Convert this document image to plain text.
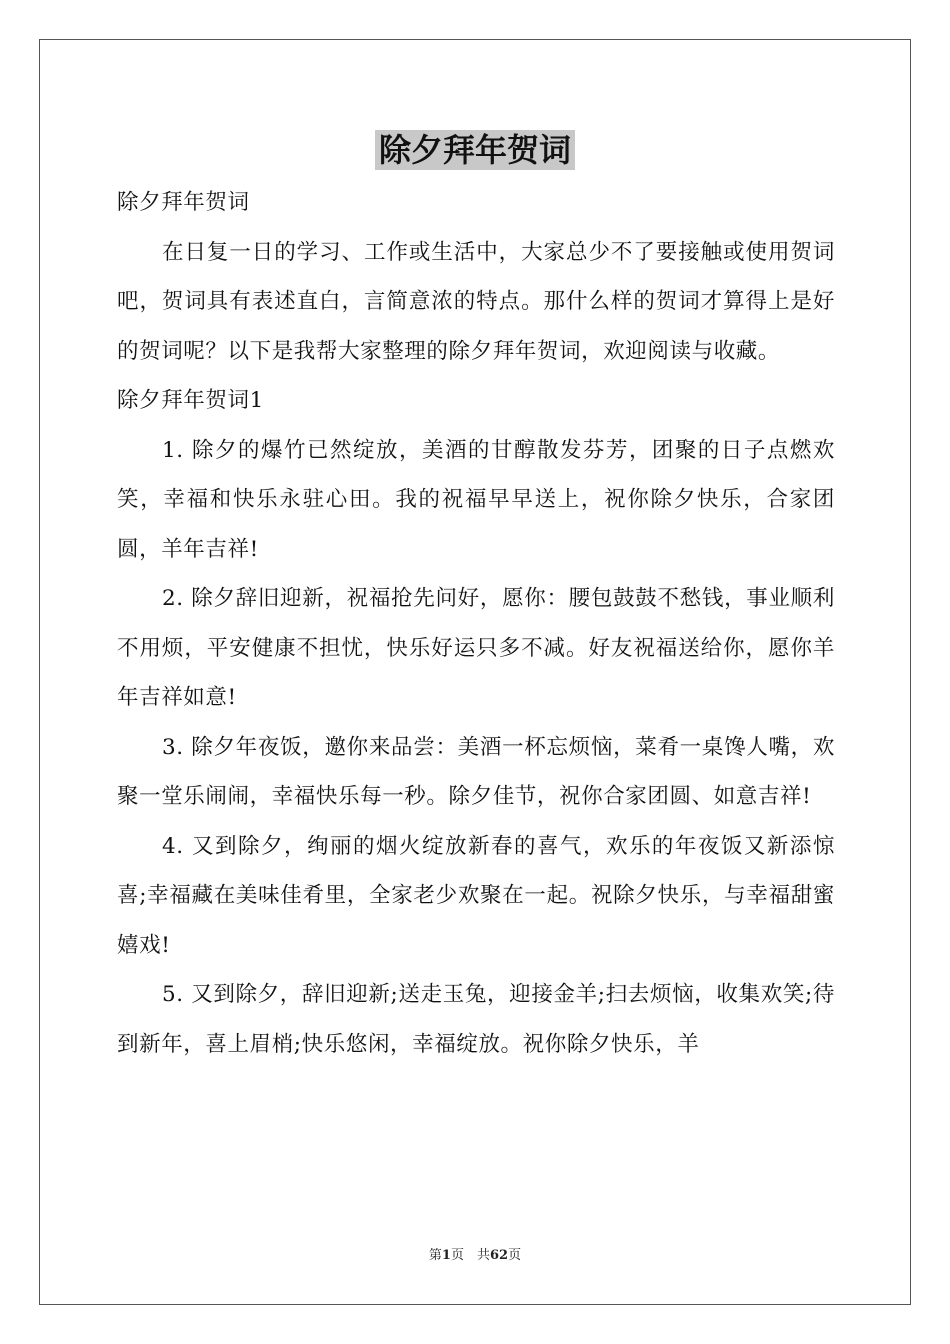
除夕拜年贺词

除夕拜年贺词

在日复一日的学习、工作或生活中，大家总少不了要接触或使用贺词吧，贺词具有表述直白，言简意浓的特点。那什么样的贺词才算得上是好的贺词呢？以下是我帮大家整理的除夕拜年贺词，欢迎阅读与收藏。

除夕拜年贺词1

1. 除夕的爆竹已然绽放，美酒的甘醇散发芬芳，团聚的日子点燃欢笑，幸福和快乐永驻心田。我的祝福早早送上，祝你除夕快乐，合家团圆，羊年吉祥!

2. 除夕辞旧迎新，祝福抢先问好，愿你：腰包鼓鼓不愁钱，事业顺利不用烦，平安健康不担忧，快乐好运只多不减。好友祝福送给你，愿你羊年吉祥如意!

3. 除夕年夜饭，邀你来品尝：美酒一杯忘烦恼，菜肴一桌馋人嘴，欢聚一堂乐闹闹，幸福快乐每一秒。除夕佳节，祝你合家团圆、如意吉祥!

4. 又到除夕，绚丽的烟火绽放新春的喜气，欢乐的年夜饭又新添惊喜;幸福藏在美味佳肴里，全家老少欢聚在一起。祝除夕快乐，与幸福甜蜜嬉戏!

5. 又到除夕，辞旧迎新;送走玉兔，迎接金羊;扫去烦恼，收集欢笑;待到新年，喜上眉梢;快乐悠闲，幸福绽放。祝你除夕快乐，羊

第1页　共62页
